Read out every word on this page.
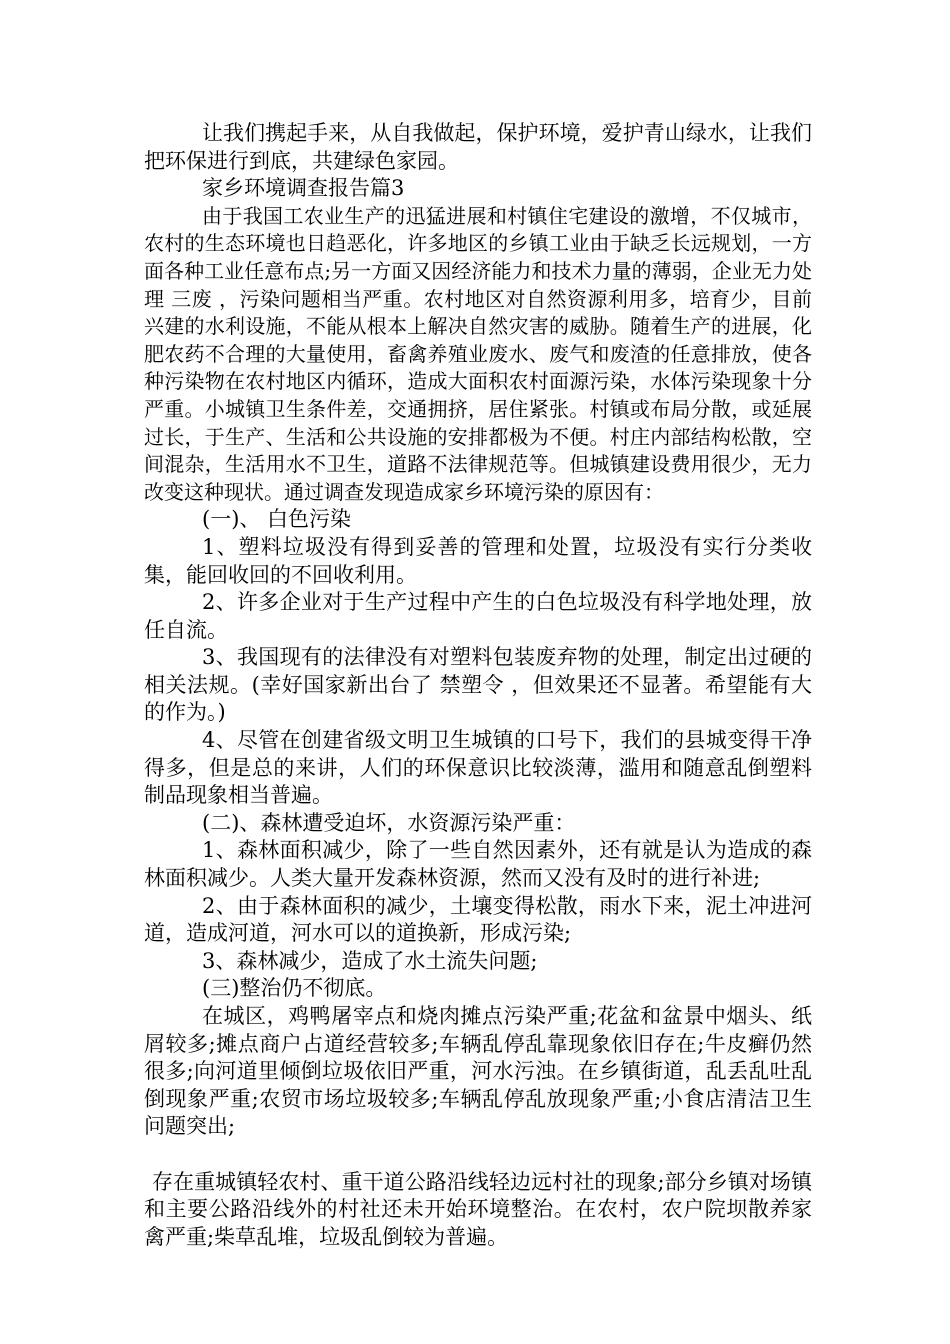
让我们携起手来，从自我做起，保护环境，爱护青山绿水，让我们把环保进行到底，共建绿色家园。

家乡环境调查报告篇3

由于我国工农业生产的迅猛进展和村镇住宅建设的激增，不仅城市，农村的生态环境也日趋恶化，许多地区的乡镇工业由于缺乏长远规划，一方面各种工业任意布点;另一方面又因经济能力和技术力量的薄弱，企业无力处理 三废 ，污染问题相当严重。农村地区对自然资源利用多，培育少，目前兴建的水利设施，不能从根本上解决自然灾害的威胁。随着生产的进展，化肥农药不合理的大量使用，畜禽养殖业废水、废气和废渣的任意排放，使各种污染物在农村地区内循环，造成大面积农村面源污染，水体污染现象十分严重。小城镇卫生条件差，交通拥挤，居住紧张。村镇或布局分散，或延展过长，于生产、生活和公共设施的安排都极为不便。村庄内部结构松散，空间混杂，生活用水不卫生，道路不法律规范等。但城镇建设费用很少，无力改变这种现状。通过调查发现造成家乡环境污染的原因有：

(一)、 白色污染

1、塑料垃圾没有得到妥善的管理和处置，垃圾没有实行分类收集，能回收回的不回收利用。

2、许多企业对于生产过程中产生的白色垃圾没有科学地处理，放任自流。

3、我国现有的法律没有对塑料包装废弃物的处理，制定出过硬的相关法规。(幸好国家新出台了 禁塑令 ，但效果还不显著。希望能有大的作为。)

4、尽管在创建省级文明卫生城镇的口号下，我们的县城变得干净得多，但是总的来讲，人们的环保意识比较淡薄，滥用和随意乱倒塑料制品现象相当普遍。

(二)、森林遭受迫坏，水资源污染严重：

1、森林面积减少，除了一些自然因素外，还有就是认为造成的森林面积减少。人类大量开发森林资源，然而又没有及时的进行补进;

2、由于森林面积的减少，土壤变得松散，雨水下来，泥土冲进河道，造成河道，河水可以的道换新，形成污染;

3、森林减少，造成了水土流失问题;

(三)整治仍不彻底。

在城区，鸡鸭屠宰点和烧肉摊点污染严重;花盆和盆景中烟头、纸屑较多;摊点商户占道经营较多;车辆乱停乱靠现象依旧存在;牛皮癣仍然很多;向河道里倾倒垃圾依旧严重，河水污浊。在乡镇街道，乱丢乱吐乱倒现象严重;农贸市场垃圾较多;车辆乱停乱放现象严重;小食店清洁卫生问题突出;

存在重城镇轻农村、重干道公路沿线轻边远村社的现象;部分乡镇对场镇和主要公路沿线外的村社还未开始环境整治。在农村，农户院坝散养家禽严重;柴草乱堆，垃圾乱倒较为普遍。
